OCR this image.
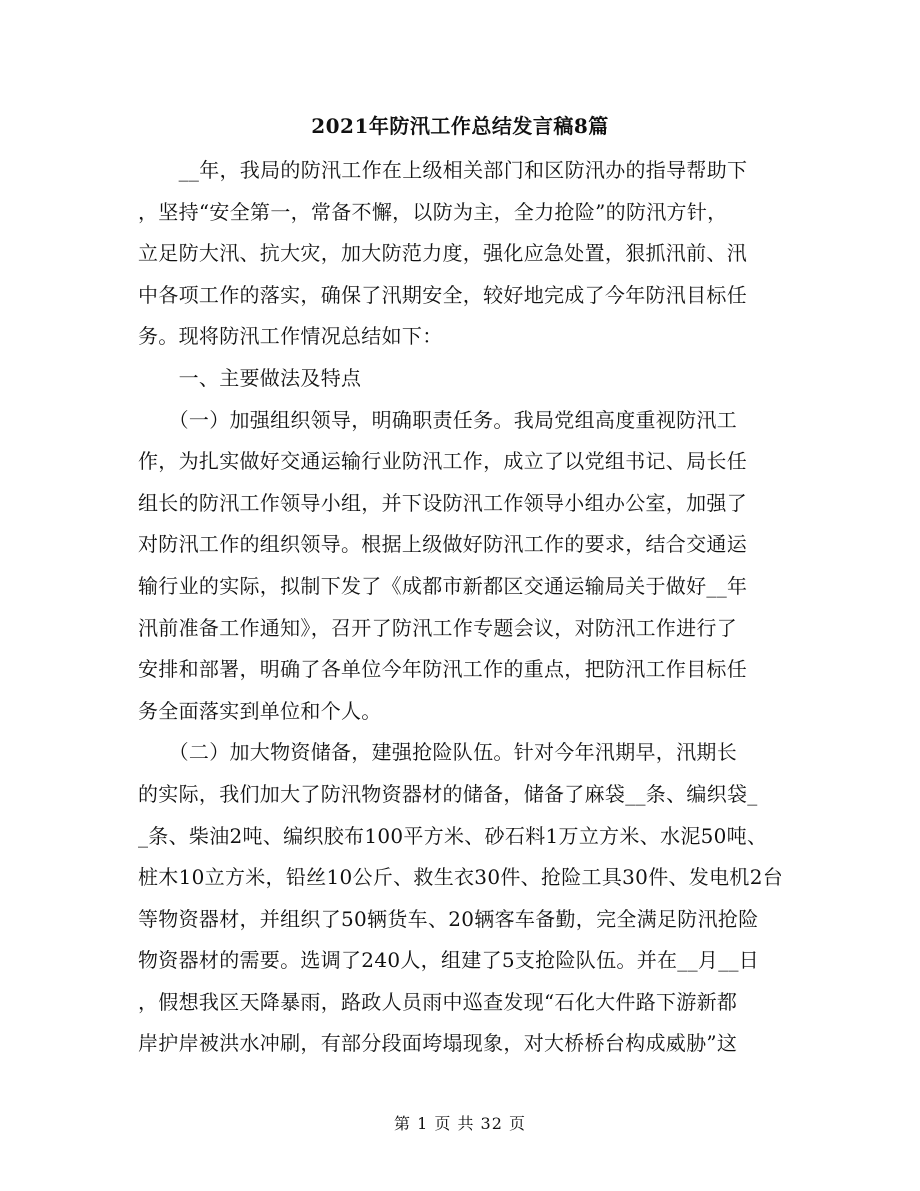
2021年防汛工作总结发言稿8篇
　　__年，我局的防汛工作在上级相关部门和区防汛办的指导帮助下
，坚持“安全第一，常备不懈，以防为主，全力抢险”的防汛方针，
立足防大汛、抗大灾，加大防范力度，强化应急处置，狠抓汛前、汛
中各项工作的落实，确保了汛期安全，较好地完成了今年防汛目标任
务。现将防汛工作情况总结如下：
　　一、主要做法及特点
　　（一）加强组织领导，明确职责任务。我局党组高度重视防汛工
作，为扎实做好交通运输行业防汛工作，成立了以党组书记、局长任
组长的防汛工作领导小组，并下设防汛工作领导小组办公室，加强了
对防汛工作的组织领导。根据上级做好防汛工作的要求，结合交通运
输行业的实际，拟制下发了《成都市新都区交通运输局关于做好__年
汛前准备工作通知》，召开了防汛工作专题会议，对防汛工作进行了
安排和部署，明确了各单位今年防汛工作的重点，把防汛工作目标任
务全面落实到单位和个人。
　　（二）加大物资储备，建强抢险队伍。针对今年汛期早，汛期长
的实际，我们加大了防汛物资器材的储备，储备了麻袋__条、编织袋_
_条、柴油2吨、编织胶布100平方米、砂石料1万立方米、水泥50吨、
桩木10立方米，铅丝10公斤、救生衣30件、抢险工具30件、发电机2台
等物资器材，并组织了50辆货车、20辆客车备勤，完全满足防汛抢险
物资器材的需要。选调了240人，组建了5支抢险队伍。并在__月__日
，假想我区天降暴雨，路政人员雨中巡查发现“石化大件路下游新都
岸护岸被洪水冲刷，有部分段面垮塌现象，对大桥桥台构成威胁”这
第 1 页 共 32 页
